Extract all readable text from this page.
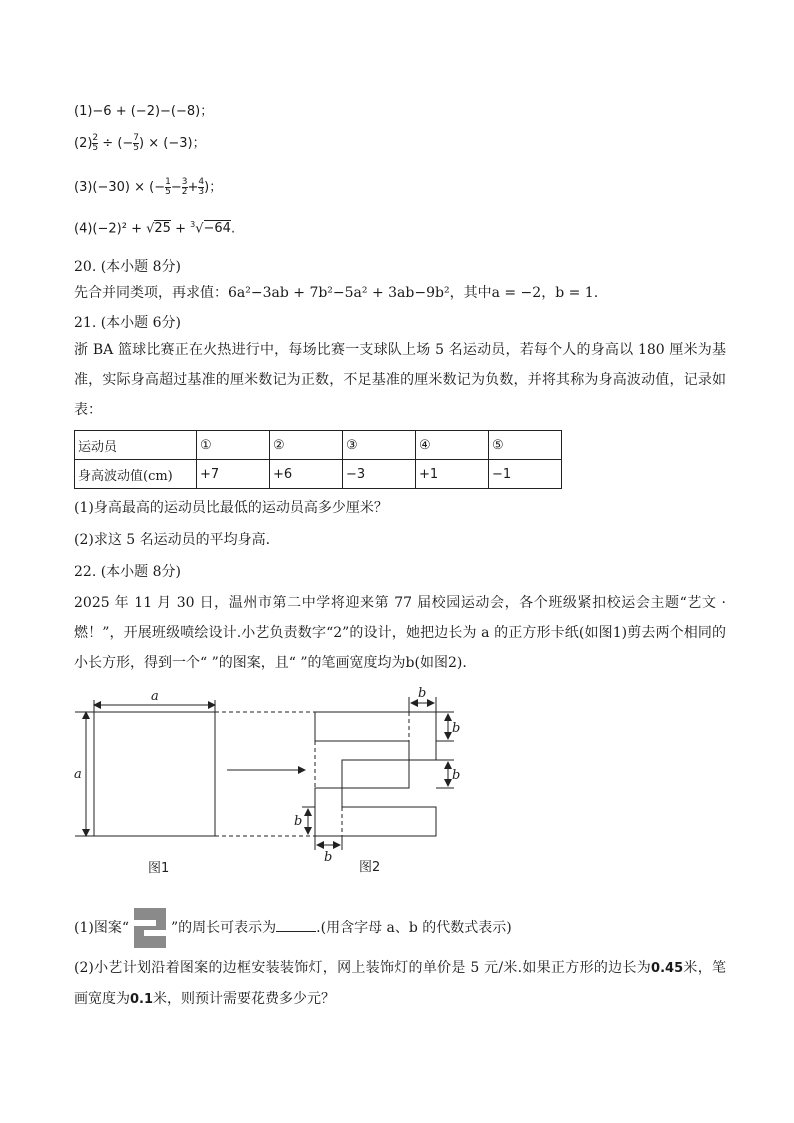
(1)−6 + (−2)−(−8)；

$(2) \frac{2}{5}$ ÷ (− $\frac{7}{5}$ ) × (−3)；
(3)(−30) × (− $\frac{1}{5} - \frac{3}{2} + \frac{4}{3}$ )；
(4)(−2)² + √25 + $^3$√−64.

20. (本小题 8分)

先合并同类项，再求值：6a²−3ab + 7b²−5a² + 3ab−9b²，其中a = −2，b = 1.

21. (本小题 6分)

浙 BA 篮球比赛正在火热进行中，每场比赛一支球队上场 5 名运动员，若每个人的身高以 180 厘米为基准，实际身高超过基准的厘米数记为正数，不足基准的厘米数记为负数，并将其称为身高波动值，记录如表：

运动员	①	②	③	④	⑤
身高波动值(cm)	+7	+6	−3	+1	−1

(1)身高最高的运动员比最低的运动员高多少厘米？

(2)求这 5 名运动员的平均身高.

22. (本小题 8分)

2025 年 11 月 30 日，温州市第二中学将迎来第 77 届校园运动会，各个班级紧扣校运会主题“艺文 · 燃！”，开展班级喷绘设计.小艺负责数字“2”的设计，她把边长为 a 的正方形卡纸(如图1)剪去两个相同的小长方形，得到一个“ ”的图案，且“ ”的笔画宽度均为b(如图2).

a
a
b
b
b
b
b
图1	图2
(1)图案“	”的周长可表示为	.(用含字母 a、b 的代数式表示)

(2)小艺计划沿着图案的边框安装装饰灯，网上装饰灯的单价是 5 元/米.如果正方形的边长为0.45米，笔画宽度为0.1米，则预计需要花费多少元？
